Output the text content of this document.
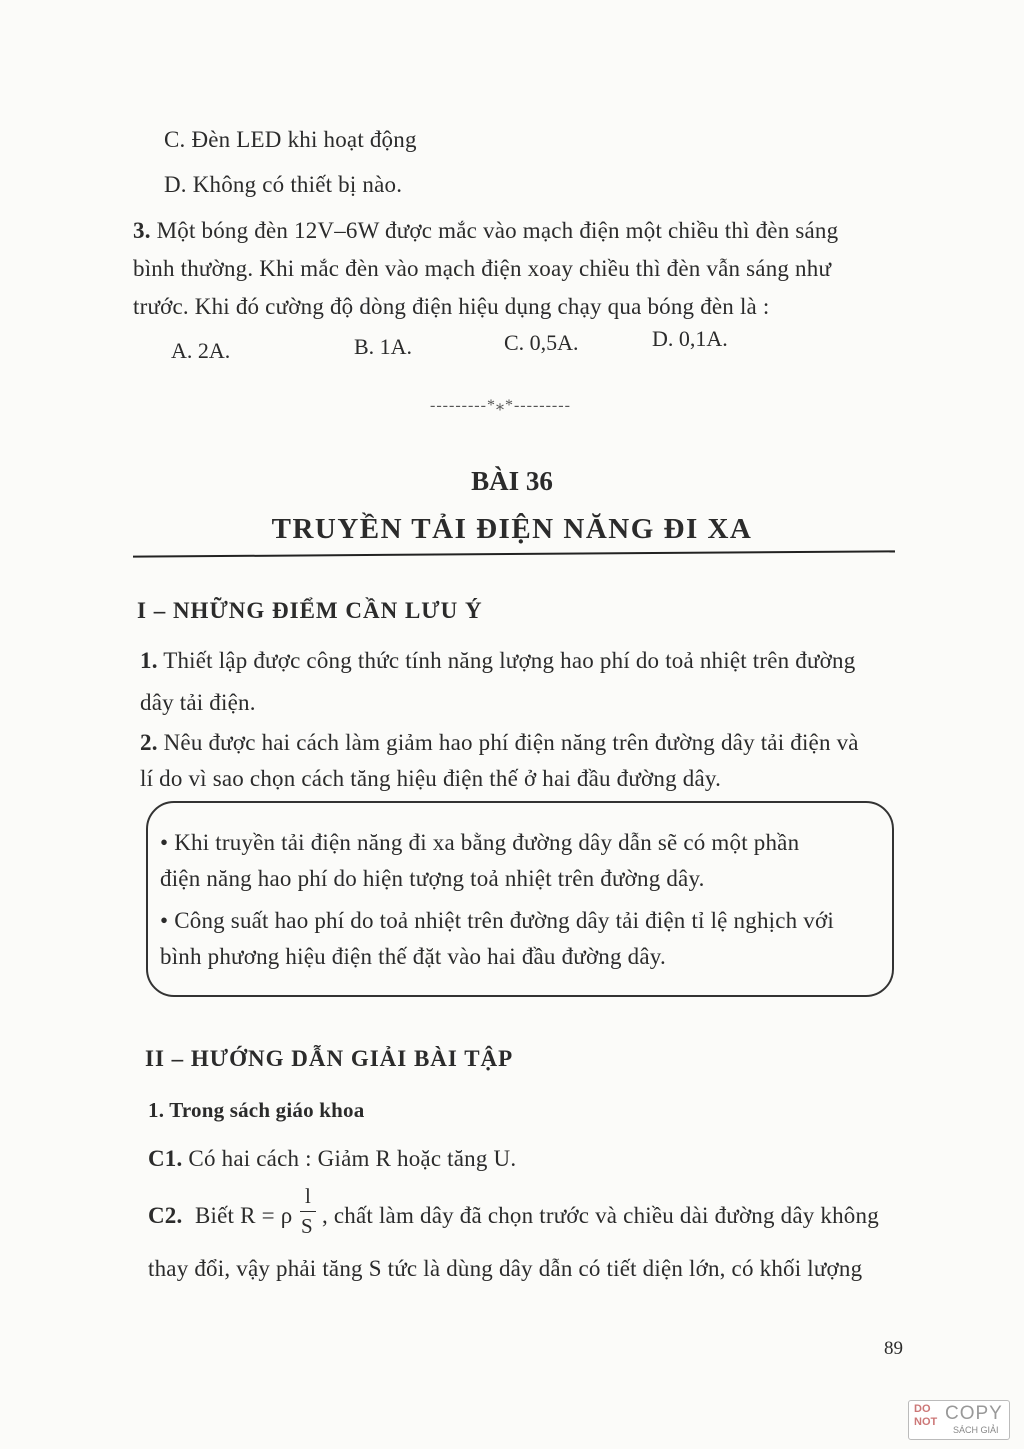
C. Đèn LED khi hoạt động
D. Không có thiết bị nào.
3. Một bóng đèn 12V–6W được mắc vào mạch điện một chiều thì đèn sáng
bình thường. Khi mắc đèn vào mạch điện xoay chiều thì đèn vẫn sáng như
trước. Khi đó cường độ dòng điện hiệu dụng chạy qua bóng đèn là :
A. 2A.	B. 1A.	C. 0,5A.	D. 0,1A.
---------*⁎*---------
BÀI 36
TRUYỀN TẢI ĐIỆN NĂNG ĐI XA
I – NHỮNG ĐIỂM CẦN LƯU Ý
1. Thiết lập được công thức tính năng lượng hao phí do toả nhiệt trên đường
dây tải điện.
2. Nêu được hai cách làm giảm hao phí điện năng trên đường dây tải điện và
lí do vì sao chọn cách tăng hiệu điện thế ở hai đầu đường dây.
• Khi truyền tải điện năng đi xa bằng đường dây dẫn sẽ có một phần
điện năng hao phí do hiện tượng toả nhiệt trên đường dây.
• Công suất hao phí do toả nhiệt trên đường dây tải điện tỉ lệ nghịch với
bình phương hiệu điện thế đặt vào hai đầu đường dây.
II – HƯỚNG DẪN GIẢI BÀI TẬP
1. Trong sách giáo khoa
C1. Có hai cách : Giảm R hoặc tăng U.
C2. Biết R = ρ
l
S , chất làm dây đã chọn trước và chiều dài đường dây không
thay đổi, vậy phải tăng S tức là dùng dây dẫn có tiết diện lớn, có khối lượng
89
DO
NOT COPY
SÁCH GIẢI
